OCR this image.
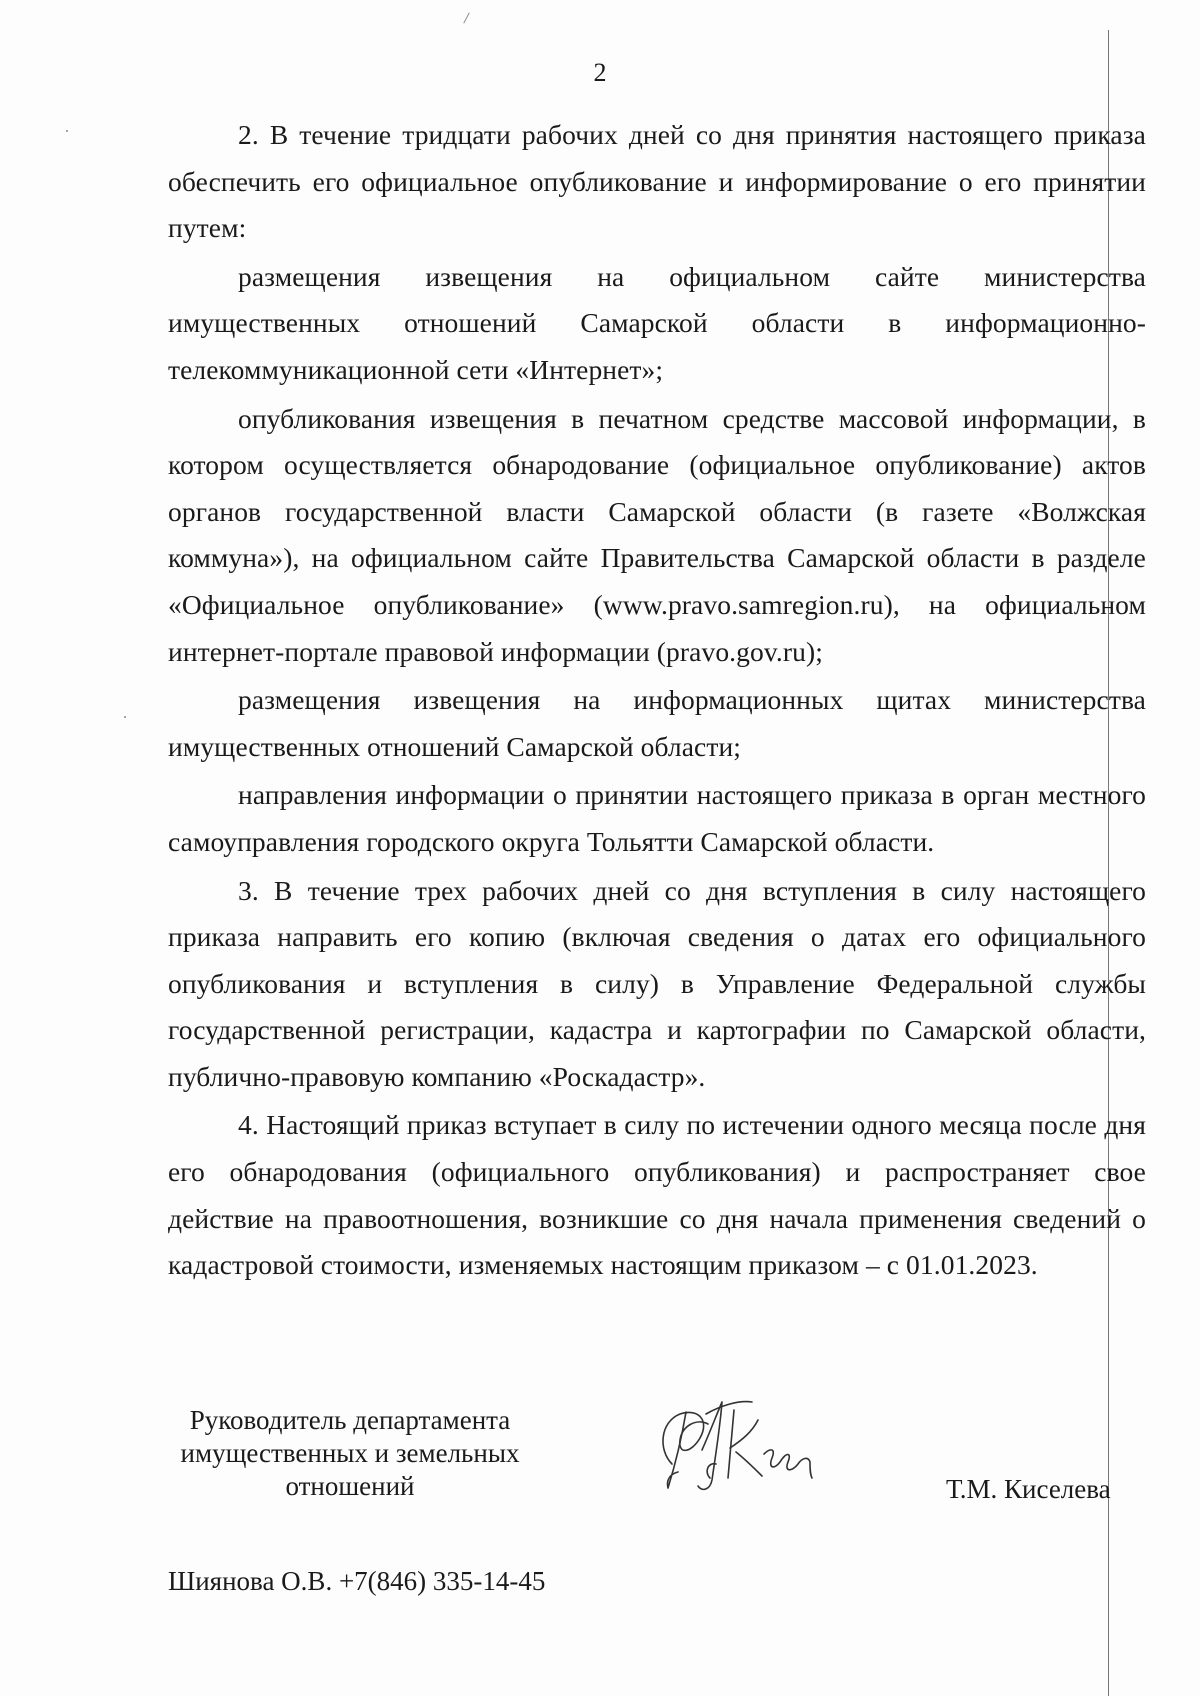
2

2. В течение тридцати рабочих дней со дня принятия настоящего приказа обеспечить его официальное опубликование и информирование о его принятии путем:

размещения извещения на официальном сайте министерства имущественных отношений Самарской области в информационно-телекоммуникационной сети «Интернет»;

опубликования извещения в печатном средстве массовой информации, в котором осуществляется обнародование (официальное опубликование) актов органов государственной власти Самарской области (в газете «Волжская коммуна»), на официальном сайте Правительства Самарской области в разделе «Официальное опубликование» (www.pravo.samregion.ru), на официальном интернет-портале правовой информации (pravo.gov.ru);

размещения извещения на информационных щитах министерства имущественных отношений Самарской области;

направления информации о принятии настоящего приказа в орган местного самоуправления городского округа Тольятти Самарской области.

3. В течение трех рабочих дней со дня вступления в силу настоящего приказа направить его копию (включая сведения о датах его официального опубликования и вступления в силу) в Управление Федеральной службы государственной регистрации, кадастра и картографии по Самарской области, публично-правовую компанию «Роскадастр».

4. Настоящий приказ вступает в силу по истечении одного месяца после дня его обнародования (официального опубликования) и распространяет свое действие на правоотношения, возникшие со дня начала применения сведений о кадастровой стоимости, изменяемых настоящим приказом – с 01.01.2023.

Руководитель департамента
имущественных и земельных
отношений	Т.М. Киселева
Шиянова О.В. +7(846) 335-14-45
